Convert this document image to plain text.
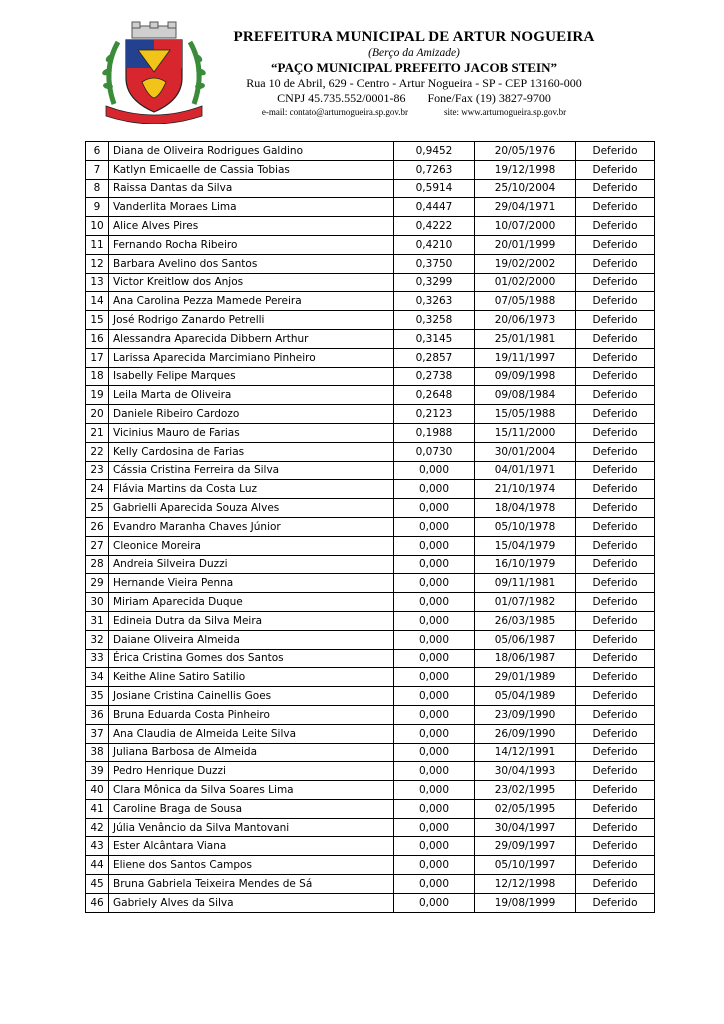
PREFEITURA MUNICIPAL DE ARTUR NOGUEIRA
(Berço da Amizade)
“PAÇO MUNICIPAL PREFEITO JACOB STEIN”
Rua 10 de Abril, 629 - Centro - Artur Nogueira - SP - CEP 13160-000
CNPJ 45.735.552/0001-86 Fone/Fax (19) 3827-9700
e-mail: contato@arturnogueira.sp.gov.br	site: www.arturnogueira.sp.gov.br
6	Diana de Oliveira Rodrigues Galdino	0,9452	20/05/1976	Deferido
7	Katlyn Emicaelle de Cassia Tobias	0,7263	19/12/1998	Deferido
8	Raissa Dantas da Silva	0,5914	25/10/2004	Deferido
9	Vanderlita Moraes Lima	0,4447	29/04/1971	Deferido
10	Alice Alves Pires	0,4222	10/07/2000	Deferido
11	Fernando Rocha Ribeiro	0,4210	20/01/1999	Deferido
12	Barbara Avelino dos Santos	0,3750	19/02/2002	Deferido
13	Victor Kreitlow dos Anjos	0,3299	01/02/2000	Deferido
14	Ana Carolina Pezza Mamede Pereira	0,3263	07/05/1988	Deferido
15	José Rodrigo Zanardo Petrelli	0,3258	20/06/1973	Deferido
16	Alessandra Aparecida Dibbern Arthur	0,3145	25/01/1981	Deferido
17	Larissa Aparecida Marcimiano Pinheiro	0,2857	19/11/1997	Deferido
18	Isabelly Felipe Marques	0,2738	09/09/1998	Deferido
19	Leila Marta de Oliveira	0,2648	09/08/1984	Deferido
20	Daniele Ribeiro Cardozo	0,2123	15/05/1988	Deferido
21	Vicinius Mauro de Farias	0,1988	15/11/2000	Deferido
22	Kelly Cardosina de Farias	0,0730	30/01/2004	Deferido
23	Cássia Cristina Ferreira da Silva	0,000	04/01/1971	Deferido
24	Flávia Martins da Costa Luz	0,000	21/10/1974	Deferido
25	Gabrielli Aparecida Souza Alves	0,000	18/04/1978	Deferido
26	Evandro Maranha Chaves Júnior	0,000	05/10/1978	Deferido
27	Cleonice Moreira	0,000	15/04/1979	Deferido
28	Andreia Silveira Duzzi	0,000	16/10/1979	Deferido
29	Hernande Vieira Penna	0,000	09/11/1981	Deferido
30	Miriam Aparecida Duque	0,000	01/07/1982	Deferido
31	Edineia Dutra da Silva Meira	0,000	26/03/1985	Deferido
32	Daiane Oliveira Almeida	0,000	05/06/1987	Deferido
33	Érica Cristina Gomes dos Santos	0,000	18/06/1987	Deferido
34	Keithe Aline Satiro Satilio	0,000	29/01/1989	Deferido
35	Josiane Cristina Cainellis Goes	0,000	05/04/1989	Deferido
36	Bruna Eduarda Costa Pinheiro	0,000	23/09/1990	Deferido
37	Ana Claudia de Almeida Leite Silva	0,000	26/09/1990	Deferido
38	Juliana Barbosa de Almeida	0,000	14/12/1991	Deferido
39	Pedro Henrique Duzzi	0,000	30/04/1993	Deferido
40	Clara Mônica da Silva Soares Lima	0,000	23/02/1995	Deferido
41	Caroline Braga de Sousa	0,000	02/05/1995	Deferido
42	Júlia Venâncio da Silva Mantovani	0,000	30/04/1997	Deferido
43	Ester Alcântara Viana	0,000	29/09/1997	Deferido
44	Eliene dos Santos Campos	0,000	05/10/1997	Deferido
45	Bruna Gabriela Teixeira Mendes de Sá	0,000	12/12/1998	Deferido
46	Gabriely Alves da Silva	0,000	19/08/1999	Deferido
